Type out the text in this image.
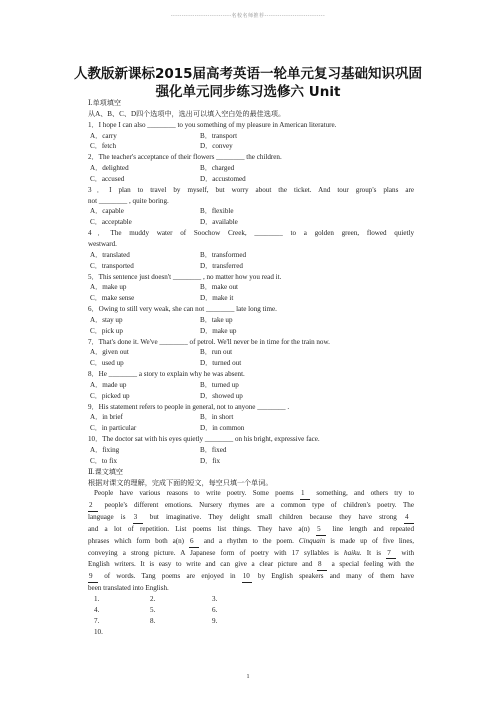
----------------------------名校名师推荐----------------------------
人教版新课标2015届高考英语一轮单元复习基础知识巩固
强化单元同步练习选修六 Unit
Ⅰ.单项填空
从A、B、C、D四个选项中，选出可以填入空白处的最佳选项。
1．I hope I can also ________ to you something of my pleasure in American literature.
A．carry	B．transport
C．fetch	D．convey
2．The teacher's acceptance of their flowers ________ the children.
A．delighted	B．charged
C．accused	D．accustomed
3．I plan to travel by myself, but worry about the ticket. And tour group's plans are
not ________ , quite boring.
A．capable	B．flexible
C．acceptable	D．available
4．The muddy water of Soochow Creek, ________ to a golden green, flowed quietly
westward.
A．translated	B．transformed
C．transported	D．transferred
5．This sentence just doesn't ________ , no matter how you read it.
A．make up	B．make out
C．make sense	D．make it
6．Owing to still very weak, she can not ________ late long time.
A．stay up	B．take up
C．pick up	D．make up
7．That's done it. We've ________ of petrol. We'll never be in time for the train now.
A．given out	B．run out
C．used up	D．turned out
8．He ________ a story to explain why he was absent.
A．made up	B．turned up
C．picked up	D．showed up
9．His statement refers to people in general, not to anyone ________ .
A．in brief	B．in short
C．in particular	D．in common
10．The doctor sat with his eyes quietly ________ on his bright, expressive face.
A．fixing	B．fixed
C．to fix	D．fix
Ⅱ.课文填空
根据对课文的理解，完成下面的短文，每空只填一个单词。
People have various reasons to write poetry. Some poems 1 something, and others try to
2 people's different emotions. Nursery rhymes are a common type of children's poetry. The
language is 3 but imaginative. They delight small children because they have strong 4
and a lot of repetition. List poems list things. They have a(n) 5 line length and repeated
phrases which form both a(n) 6 and a rhythm to the poem. Cinquain is made up of five lines,
conveying a strong picture. A Japanese form of poetry with 17 syllables is haiku. It is 7 with
English writers. It is easy to write and can give a clear picture and 8 a special feeling with the
9 of words. Tang poems are enjoyed in 10 by English speakers and many of them have
been translated into English.
1.	2.	3.
4.	5.	6.
7.	8.	9.
10.
1
